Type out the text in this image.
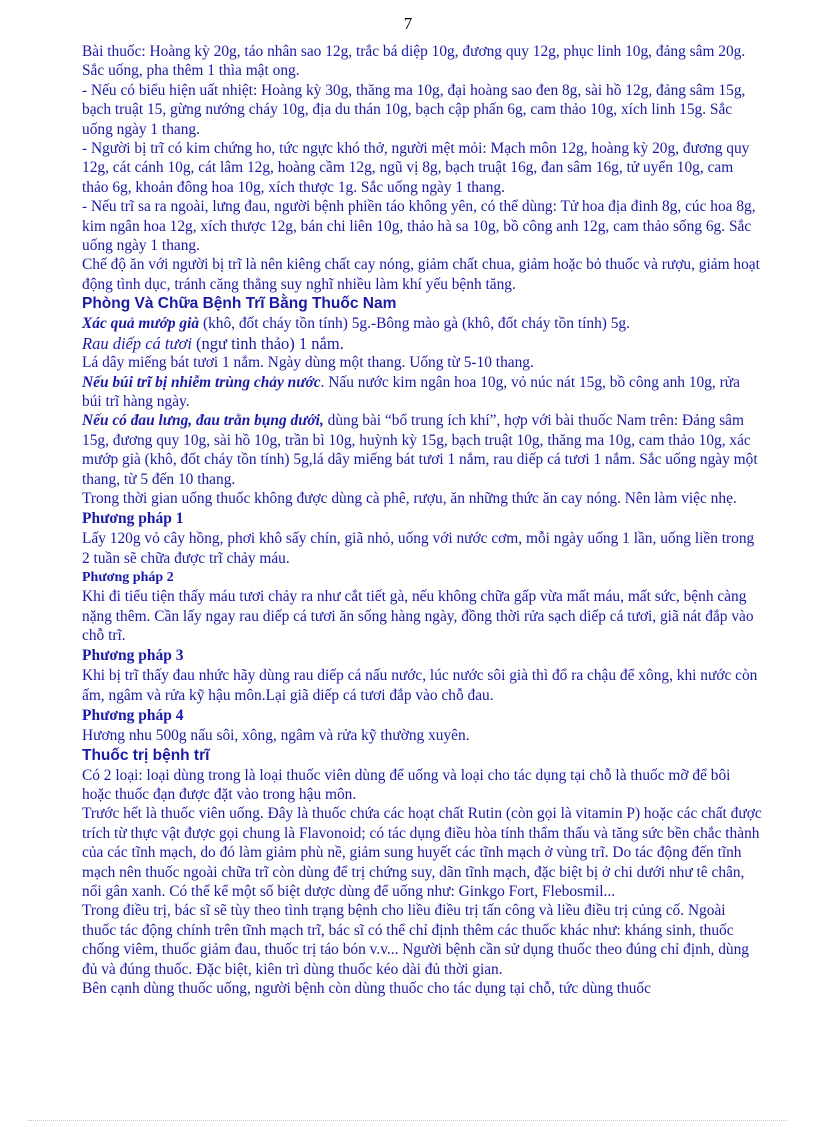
7

Bài thuốc: Hoàng kỳ 20g, táo nhân sao 12g, trắc bá diệp 10g, đương quy 12g, phục linh 10g, đảng sâm 20g. Sắc uống, pha thêm 1 thìa mật ong.

- Nếu có biểu hiện uất nhiệt: Hoàng kỳ 30g, thăng ma 10g, đại hoàng sao đen 8g, sài hồ 12g, đảng sâm 15g, bạch truật 15, gừng nướng cháy 10g, địa du thán 10g, bạch cập phấn 6g, cam thảo 10g, xích linh 15g. Sắc uống ngày 1 thang.

- Người bị trĩ có kim chứng ho, tức ngực khó thở, người mệt mỏi: Mạch môn 12g, hoàng kỳ 20g, đương quy 12g, cát cánh 10g, cát lâm 12g, hoàng cầm 12g, ngũ vị 8g, bạch truật 16g, đan sâm 16g, tử uyển 10g, cam thảo 6g, khoản đông hoa 10g, xích thược 1g. Sắc uống ngày 1 thang.

- Nếu trĩ sa ra ngoài, lưng đau, người bệnh phiền táo không yên, có thể dùng: Tử hoa địa đinh 8g, cúc hoa 8g, kim ngân hoa 12g, xích thược 12g, bán chi liên 10g, thảo hà sa 10g, bồ công anh 12g, cam thảo sống 6g. Sắc uống ngày 1 thang.

Chế độ ăn với người bị trĩ là nên kiêng chất cay nóng, giảm chất chua, giảm hoặc bỏ thuốc và rượu, giảm hoạt động tình dục, tránh căng thẳng suy nghĩ nhiều làm khí yếu bệnh tăng.

Phòng Và Chữa Bệnh Trĩ Bằng Thuốc Nam

Xác quả mướp già (khô, đốt cháy tồn tính) 5g.-Bông mào gà (khô, đốt cháy tồn tính) 5g.

Rau diếp cá tươi (ngư tinh thảo) 1 nắm.

Lá dây miếng bát tươi 1 nắm. Ngày dùng một thang. Uống từ 5-10 thang.

Nếu búi trĩ bị nhiễm trùng chảy nước. Nấu nước kim ngân hoa 10g, vỏ núc nát 15g, bồ công anh 10g, rửa búi trĩ hàng ngày.

Nếu có đau lưng, đau trằn bụng dưới, dùng bài “bổ trung ích khí”, hợp với bài thuốc Nam trên: Đảng sâm 15g, đương quy 10g, sài hồ 10g, trần bì 10g, huỳnh kỳ 15g, bạch truật 10g, thăng ma 10g, cam thảo 10g, xác mướp già (khô, đốt cháy tồn tính) 5g,lá dây miếng bát tươi 1 nắm, rau diếp cá tươi 1 nắm. Sắc uống ngày một thang, từ 5 đến 10 thang.

Trong thời gian uống thuốc không được dùng cà phê, rượu, ăn những thức ăn cay nóng. Nên làm việc nhẹ.

Phương pháp 1

Lấy 120g vỏ cây hồng, phơi khô sấy chín, giã nhỏ, uống với nước cơm, mỗi ngày uống 1 lần, uống liền trong 2 tuần sẽ chữa được trĩ chảy máu.

Phương pháp 2

Khi đi tiểu tiện thấy máu tươi chảy ra như cắt tiết gà, nếu không chữa gấp vừa mất máu, mất sức, bệnh càng nặng thêm. Cần lấy ngay rau diếp cá tươi ăn sống hàng ngày, đồng thời rửa sạch diếp cá tươi, giã nát đắp vào chỗ trĩ.

Phương pháp 3

Khi bị trĩ thấy đau nhức hãy dùng rau diếp cá nấu nước, lúc nước sôi già thì đổ ra chậu để xông, khi nước còn ấm, ngâm và rửa kỹ hậu môn.Lại giã diếp cá tươi đắp vào chỗ đau.

Phương pháp 4

Hương nhu 500g nấu sôi, xông, ngâm và rửa kỹ thường xuyên.

Thuốc trị bệnh trĩ

Có 2 loại: loại dùng trong là loại thuốc viên dùng để uống và loại cho tác dụng tại chỗ là thuốc mỡ để bôi hoặc thuốc đạn được đặt vào trong hậu môn.

Trước hết là thuốc viên uống. Đây là thuốc chứa các hoạt chất Rutin (còn gọi là vitamin P) hoặc các chất được trích từ thực vật được gọi chung là Flavonoid; có tác dụng điều hòa tính thẩm thấu và tăng sức bền chắc thành của các tĩnh mạch, do đó làm giảm phù nề, giảm sung huyết các tĩnh mạch ở vùng trĩ. Do tác động đến tĩnh mạch nên thuốc ngoài chữa trĩ còn dùng để trị chứng suy, dãn tĩnh mạch, đặc biệt bị ở chi dưới như tê chân, nổi gân xanh. Có thể kể một số biệt dược dùng để uống như: Ginkgo Fort, Flebosmil...

Trong điều trị, bác sĩ sẽ tùy theo tình trạng bệnh cho liều điều trị tấn công và liều điều trị củng cố. Ngoài thuốc tác động chính trên tĩnh mạch trĩ, bác sĩ có thể chỉ định thêm các thuốc khác như: kháng sinh, thuốc chống viêm, thuốc giảm đau, thuốc trị táo bón v.v... Người bệnh cần sử dụng thuốc theo đúng chỉ định, dùng đủ và đúng thuốc. Đặc biệt, kiên trì dùng thuốc kéo dài đủ thời gian.

Bên cạnh dùng thuốc uống, người bệnh còn dùng thuốc cho tác dụng tại chỗ, tức dùng thuốc
